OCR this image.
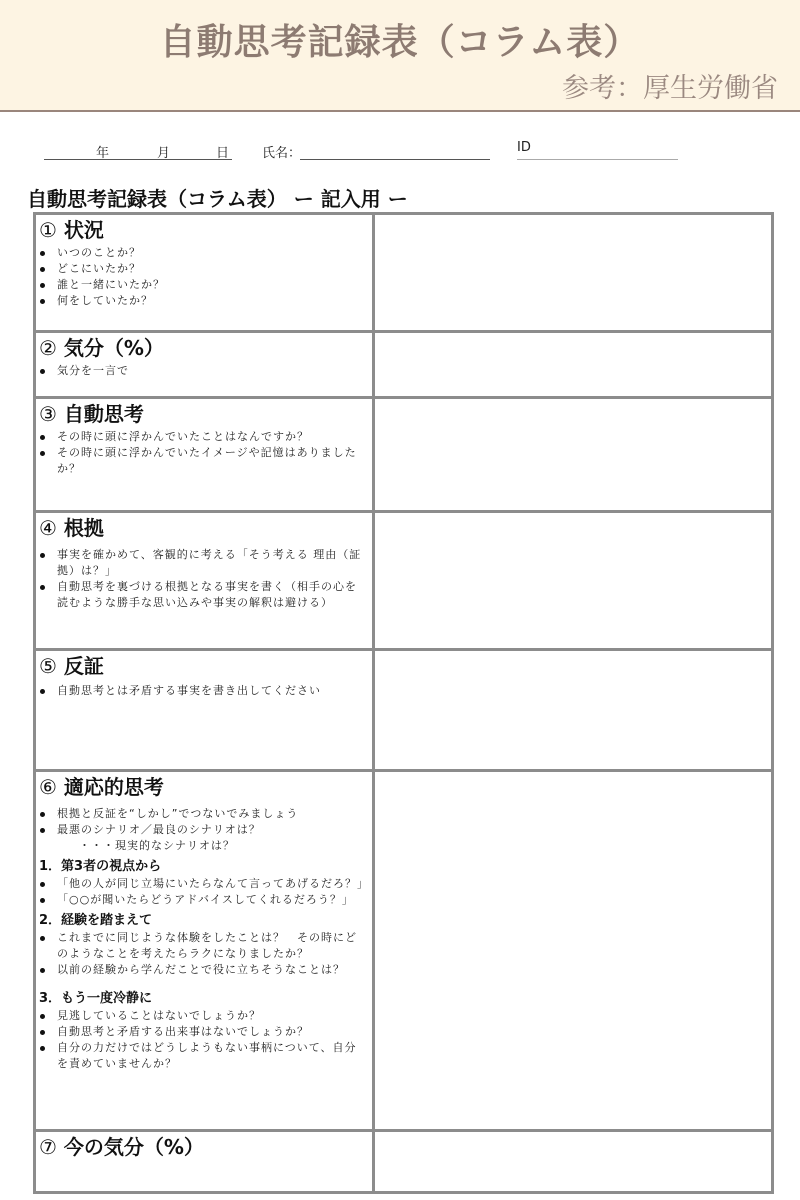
自動思考記録表（コラム表）
参考：厚生労働省
年	月	日	氏名：	ID
自動思考記録表（コラム表） ー 記入用 ー
① 状況
いつのことか？
どこにいたか？
誰と一緒にいたか？
何をしていたか？

② 気分（%）
気分を一言で

③ 自動思考
その時に頭に浮かんでいたことはなんですか？
その時に頭に浮かんでいたイメージや記憶はありましたか？

④ 根拠
事実を確かめて、客観的に考える「そう考える 理由（証拠）は？」
自動思考を裏づける根拠となる事実を書く（相手の心を読むような勝手な思い込みや事実の解釈は避ける）

⑤ 反証
自動思考とは矛盾する事実を書き出してください

⑥ 適応的思考
根拠と反証を“しかし”でつないでみましょう
最悪のシナリオ／最良のシナリオは？
・・・現実的なシナリオは？
1．第3者の視点から
「他の人が同じ立場にいたらなんて言ってあげるだろ？」
「○○が聞いたらどうアドバイスしてくれるだろう？」
2．経験を踏まえて
これまでに同じような体験をしたことは？　その時にどのようなことを考えたらラクになりましたか？
以前の経験から学んだことで役に立ちそうなことは？
3．もう一度冷静に
見逃していることはないでしょうか？
自動思考と矛盾する出来事はないでしょうか？
自分の力だけではどうしようもない事柄について、自分を責めていませんか？

⑦ 今の気分（%）	
